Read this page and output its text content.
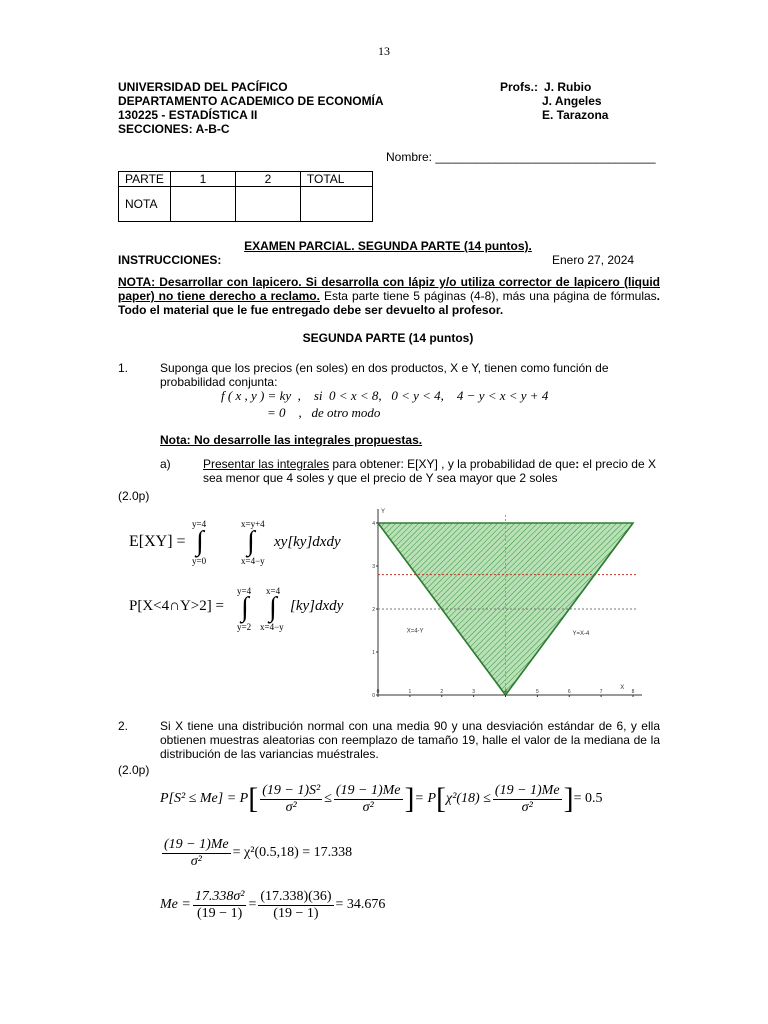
13
UNIVERSIDAD DEL PACÍFICO
DEPARTAMENTO ACADEMICO DE ECONOMÍA
130225 - ESTADÍSTICA II
SECCIONES: A-B-C
Profs.: J. Rubio
J. Angeles
E. Tarazona
Nombre: _________________________________
PARTE	1	2	TOTAL
NOTA			
EXAMEN PARCIAL. SEGUNDA PARTE (14 puntos).
INSTRUCCIONES:	Enero 27, 2024
NOTA: Desarrollar con lapicero. Si desarrolla con lápiz y/o utiliza corrector de lapicero (liquid paper) no tiene derecho a reclamo. Esta parte tiene 5 páginas (4-8), más una página de fórmulas. Todo el material que le fue entregado debe ser devuelto al profesor.
SEGUNDA PARTE (14 puntos)
1.	Suponga que los precios (en soles) en dos productos, X e Y, tienen como función de probabilidad conjunta:
f ( x , y ) = ky  ,    si  0 < x < 8,   0 < y < 4,    4 − y < x < y + 4
= 0    ,   de otro modo
Nota: No desarrolle las integrales propuestas.
a)	Presentar las integrales para obtener: E[XY] , y la probabilidad de que: el precio de X sea menor que 4 soles y que el precio de Y sea mayor que 2 soles
(2.0p)
E[XY] =
y=4
∫
y=0
x=y+4
∫
x=4−y
xy[ky]dxdy
P[X<4∩Y>2] =
y=4
∫
y=2
x=4
∫
x=4−y
[ky]dxdy
X=4-Y	Y=X-4
0	1	2	3	4	5	6	7	8
0
1
2
3
4
X
Y
2.	Si X tiene una distribución normal con una media 90 y una desviación estándar de 6, y ella obtienen muestras aleatorias con reemplazo de tamaño 19, halle el valor de la mediana de la distribución de las variancias muéstrales.
(2.0p)
P[S² ≤ Me] = P [ $\frac{\text{(19 − 1)S²}}{\text{σ²}} \le \frac{(19 - 1)Me}{\text{σ²}}$ ] = P [ $\chi^2(18) \le \frac{(19 - 1)Me}{\text{σ²}}$ ] = 0.5
$\frac{(19 - 1)Me}{\text{σ²}} = \chi^2(0.5,18) = 17.338$
$Me = \frac{\text{17.338σ²}}{(19 - 1)} = \frac{(17.338)(36)}{(19 - 1)} = 34.676$
